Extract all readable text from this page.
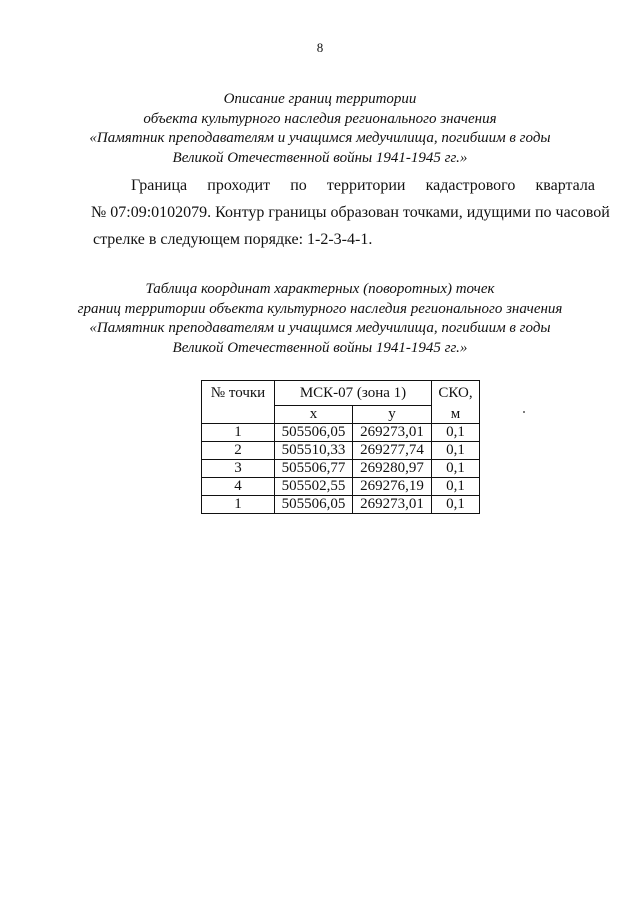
8
Описание границ территории
объекта культурного наследия регионального значения
«Памятник преподавателям и учащимся медучилища, погибшим в годы
Великой Отечественной войны 1941-1945 гг.»
Граница проходит по территории кадастрового квартала
№ 07:09:0102079. Контур границы образован точками, идущими по часовой
стрелке в следующем порядке: 1-2-3-4-1.
Таблица координат характерных (поворотных) точек
границ территории объекта культурного наследия регионального значения
«Памятник преподавателям и учащимся медучилища, погибшим в годы
Великой Отечественной войны 1941-1945 гг.»
№ точки	МСК-07 (зона 1)		СКО,
	x	y	м
1	505506,05	269273,01	0,1
2	505510,33	269277,74	0,1
3	505506,77	269280,97	0,1
4	505502,55	269276,19	0,1
1	505506,05	269273,01	0,1
